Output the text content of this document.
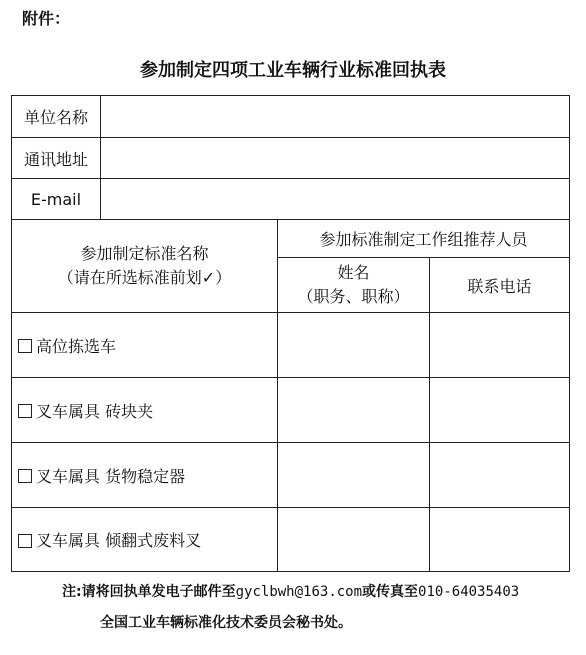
附件：
参加制定四项工业车辆行业标准回执表
单位名称
通讯地址
E-mail
参加制定标准名称
（请在所选标准前划✓）
参加标准制定工作组推荐人员
姓名
（职务、职称）
联系电话
高位拣选车
叉车属具 砖块夹
叉车属具 货物稳定器
叉车属具 倾翻式废料叉
注:请将回执单发电子邮件至gyclbwh@163.com或传真至010-64035403
全国工业车辆标准化技术委员会秘书处。
